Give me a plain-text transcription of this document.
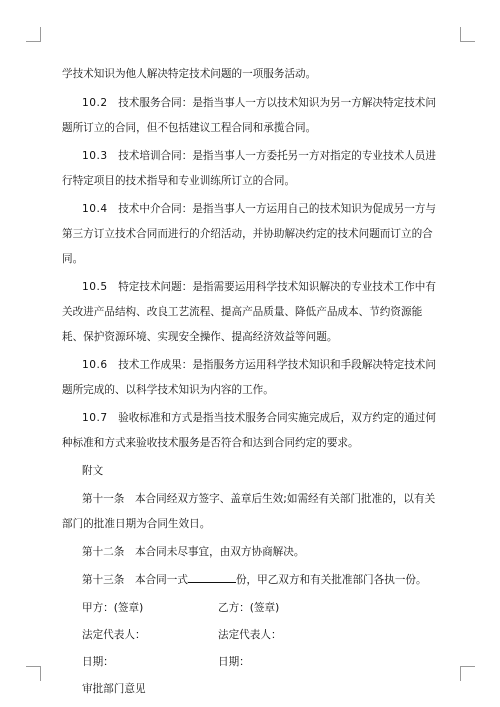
学技术知识为他人解决特定技术问题的一项服务活动。

10.2　 技术服务合同：是指当事人一方以技术知识为另一方解决特定技术问题所订立的合同，但不包括建议工程合同和承揽合同。

10.3　 技术培训合同：是指当事人一方委托另一方对指定的专业技术人员进行特定项目的技术指导和专业训练所订立的合同。

10.4　 技术中介合同：是指当事人一方运用自己的技术知识为促成另一方与第三方订立技术合同而进行的介绍活动，并协助解决约定的技术问题而订立的合同。

10.5　 特定技术问题：是指需要运用科学技术知识解决的专业技术工作中有关改进产品结构、改良工艺流程、提高产品质量、降低产品成本、节约资源能耗、保护资源环境、实现安全操作、提高经济效益等问题。

10.6　 技术工作成果：是指服务方运用科学技术知识和手段解决特定技术问题所完成的、以科学技术知识为内容的工作。

10.7　 验收标准和方式是指当技术服务合同实施完成后，双方约定的通过何种标准和方式来验收技术服务是否符合和达到合同约定的要求。

附文

第十一条　本合同经双方签字、盖章后生效;如需经有关部门批准的，以有关部门的批准日期为合同生效日。

第十二条　本合同未尽事宜，由双方协商解决。

第十三条　本合同一式	份，甲乙双方和有关批准部门各执一份。

甲方：(签章)	乙方：(签章)
法定代表人：	法定代表人：
日期：	日期：
审批部门意见
